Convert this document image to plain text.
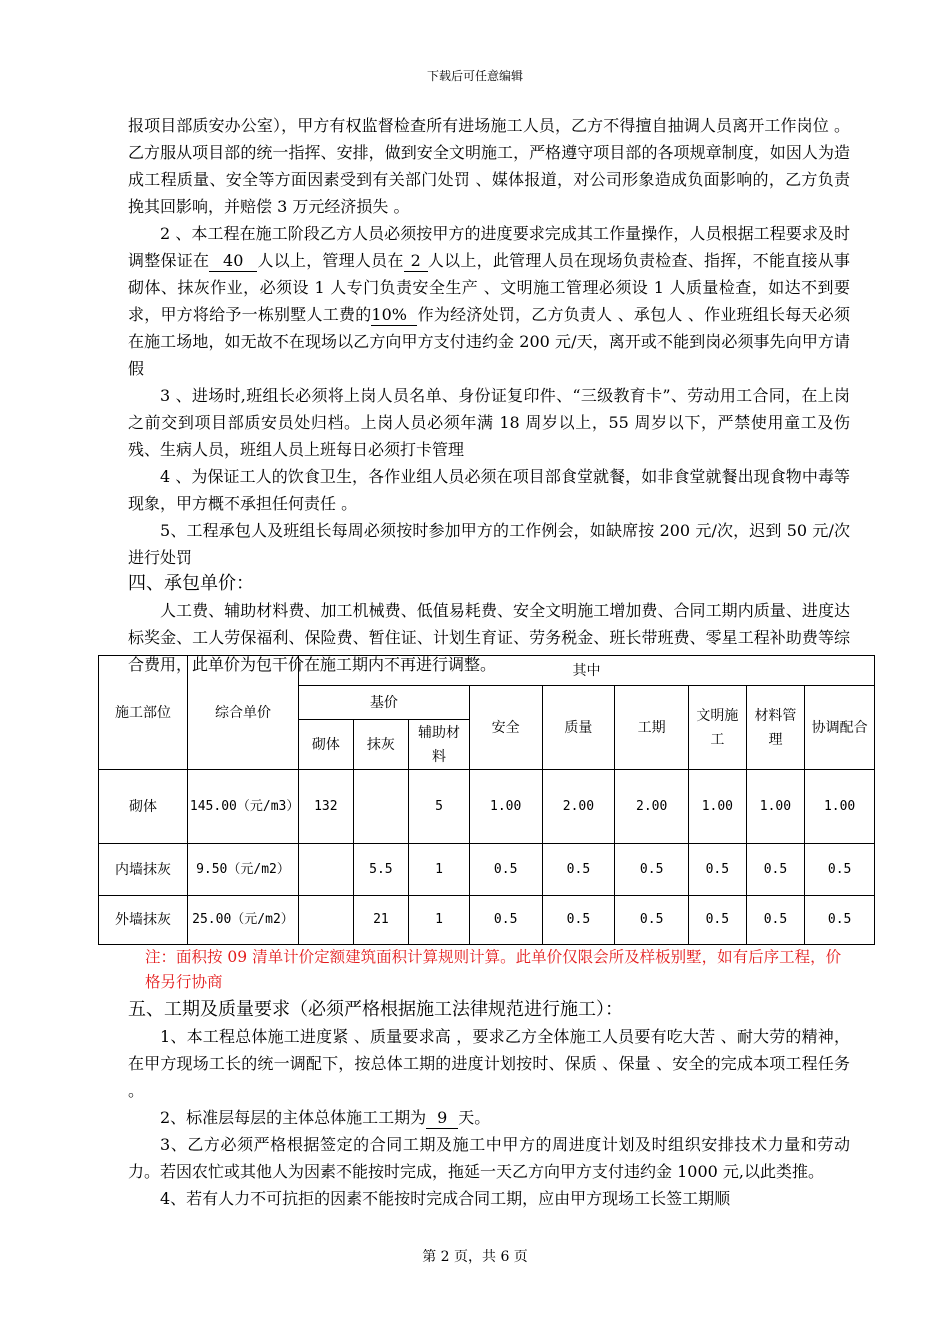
下载后可任意编辑

报项目部质安办公室），甲方有权监督检查所有进场施工人员，乙方不得擅自抽调人员离开工作岗位 。乙方服从项目部的统一指挥、安排，做到安全文明施工，严格遵守项目部的各项规章制度，如因人为造成工程质量、安全等方面因素受到有关部门处罚 、媒体报道，对公司形象造成负面影响的，乙方负责挽其回影响，并赔偿 3 万元经济损失 。

2 、本工程在施工阶段乙方人员必须按甲方的进度要求完成其工作量操作，人员根据工程要求及时调整保证在 40 人以上，管理人员在 2 人以上，此管理人员在现场负责检查、指挥，不能直接从事砌体、抹灰作业，必须设 1 人专门负责安全生产 、文明施工管理必须设 1 人质量检查，如达不到要求，甲方将给予一栋别墅人工费的10% 作为经济处罚，乙方负责人 、承包人 、作业班组长每天必须在施工场地，如无故不在现场以乙方向甲方支付违约金 200 元/天，离开或不能到岗必须事先向甲方请假

3 、进场时,班组长必须将上岗人员名单、身份证复印件、“三级教育卡”、劳动用工合同，在上岗之前交到项目部质安员处归档。上岗人员必须年满 18 周岁以上，55 周岁以下，严禁使用童工及伤残、生病人员，班组人员上班每日必须打卡管理

4 、为保证工人的饮食卫生，各作业组人员必须在项目部食堂就餐，如非食堂就餐出现食物中毒等现象，甲方概不承担任何责任 。

5、工程承包人及班组长每周必须按时参加甲方的工作例会，如缺席按 200 元/次，迟到 50 元/次进行处罚

四、承包单价：

人工费、辅助材料费、加工机械费、低值易耗费、安全文明施工增加费、合同工期内质量、进度达标奖金、工人劳保福利、保险费、暂住证、计划生育证、劳务税金、班长带班费、零星工程补助费等综合费用，此单价为包干价在施工期内不再进行调整。

施工部位	综合单价	其中								
		基价			安全	质量	工期	文明施工	材料管理	协调配合
		砌体	抹灰	辅助材料						
砌体	145.00（元/m3）	132		5	1.00	2.00	2.00	1.00	1.00	1.00
内墙抹灰	9.50（元/m2）		5.5	1	0.5	0.5	0.5	0.5	0.5	0.5
外墙抹灰	25.00（元/m2）		21	1	0.5	0.5	0.5	0.5	0.5	0.5

注：面积按 09 清单计价定额建筑面积计算规则计算。此单价仅限会所及样板别墅，如有后序工程，价格另行协商

五、工期及质量要求（必须严格根据施工法律规范进行施工）：

1、本工程总体施工进度紧 、质量要求高 ，要求乙方全体施工人员要有吃大苦 、耐大劳的精神，在甲方现场工长的统一调配下，按总体工期的进度计划按时、保质 、保量 、安全的完成本项工程任务 。

2、标准层每层的主体总体施工工期为 9 天。

3、乙方必须严格根据签定的合同工期及施工中甲方的周进度计划及时组织安排技术力量和劳动力。若因农忙或其他人为因素不能按时完成，拖延一天乙方向甲方支付违约金 1000 元,以此类推。

4、若有人力不可抗拒的因素不能按时完成合同工期，应由甲方现场工长签工期顺

第 2 页，共 6 页
